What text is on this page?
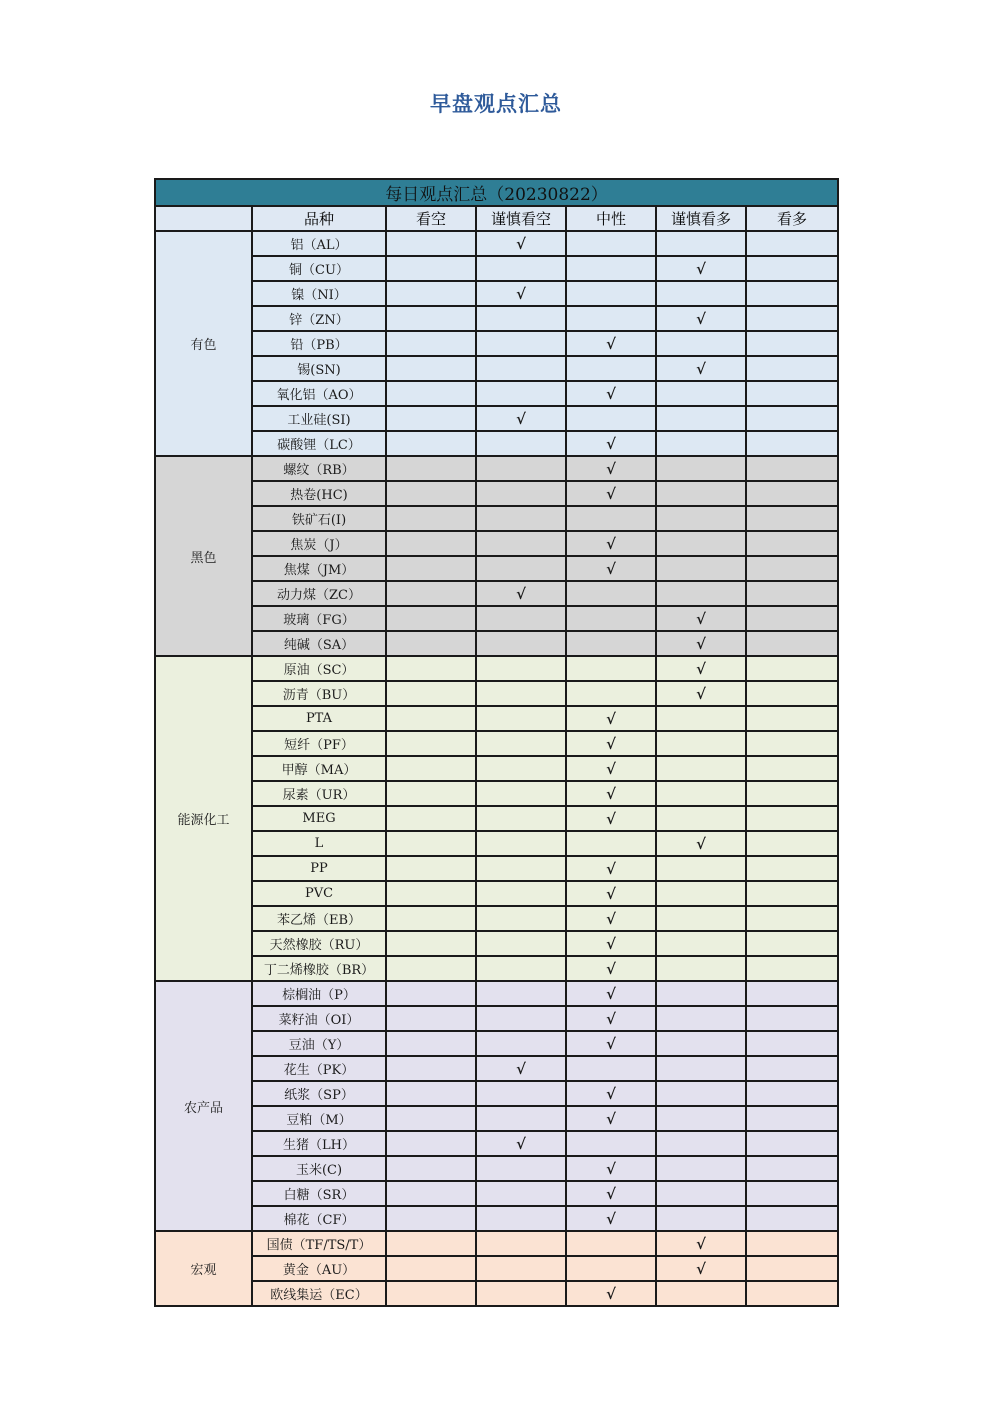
早盘观点汇总
每日观点汇总（20230822）						
	品种	看空	谨慎看空	中性	谨慎看多	看多
有色	铝（AL）		√			
	铜（CU）				√	
	镍（NI）		√			
	锌（ZN）				√	
	铅（PB）			√		
	锡(SN)				√	
	氧化铝（AO）			√		
	工业硅(SI)		√			
	碳酸锂（LC）			√		
黑色	螺纹（RB）			√		
	热卷(HC)			√		
	铁矿石(I)					
	焦炭（J）			√		
	焦煤（JM）			√		
	动力煤（ZC）		√			
	玻璃（FG）				√	
	纯碱（SA）				√	
能源化工	原油（SC）				√	
	沥青（BU）				√	
	PTA			√		
	短纤（PF）			√		
	甲醇（MA）			√		
	尿素（UR）			√		
	MEG			√		
	L				√	
	PP			√		
	PVC			√		
	苯乙烯（EB）			√		
	天然橡胶（RU）			√		
	丁二烯橡胶（BR）			√		
农产品	棕榈油（P）			√		
	菜籽油（OI）			√		
	豆油（Y）			√		
	花生（PK）		√			
	纸浆（SP）			√		
	豆粕（M）			√		
	生猪（LH）		√			
	玉米(C)			√		
	白糖（SR）			√		
	棉花（CF）			√		
宏观	国债（TF/TS/T）				√	
	黄金（AU）				√	
	欧线集运（EC）			√		
